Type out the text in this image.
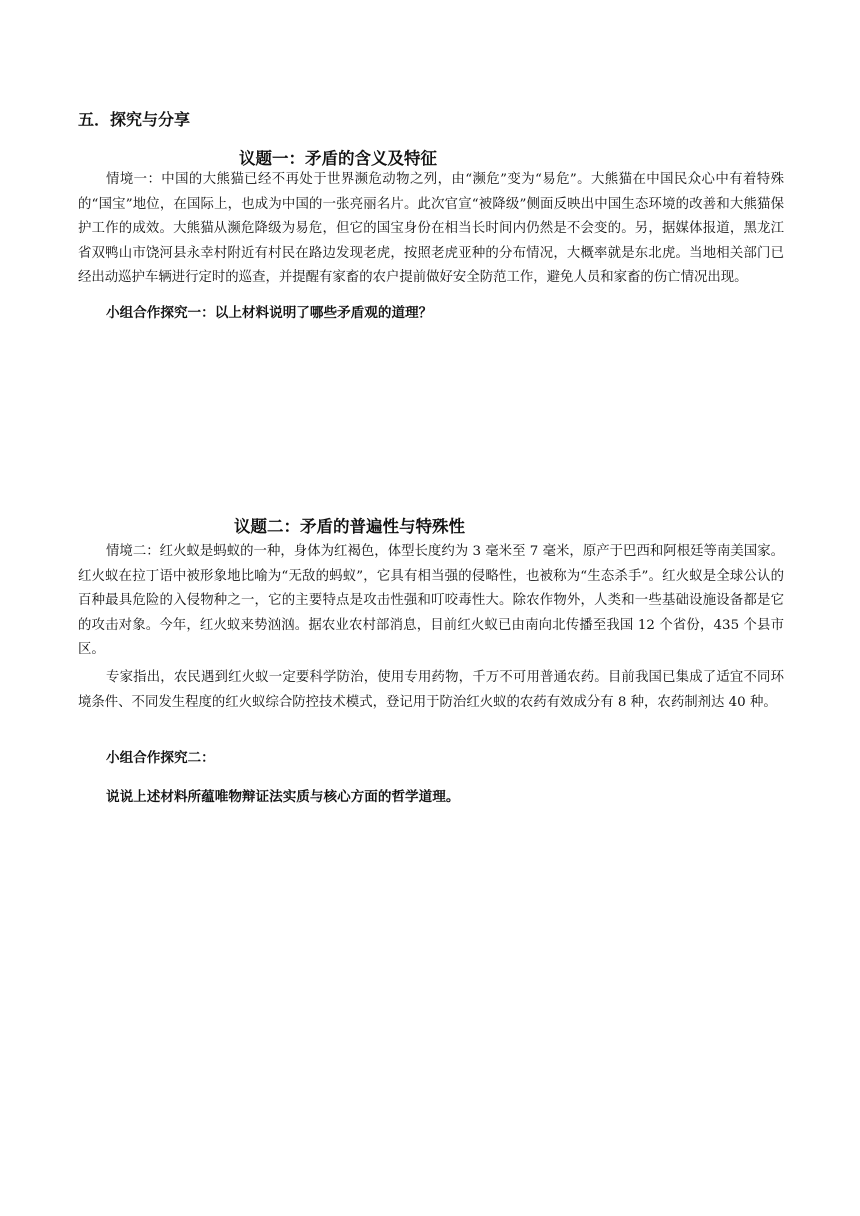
五．探究与分享
议题一：矛盾的含义及特征

情境一：中国的大熊猫已经不再处于世界濒危动物之列，由“濒危”变为“易危”。大熊猫在中国民众心中有着特殊的“国宝”地位，在国际上，也成为中国的一张亮丽名片。此次官宣“被降级”侧面反映出中国生态环境的改善和大熊猫保护工作的成效。大熊猫从濒危降级为易危，但它的国宝身份在相当长时间内仍然是不会变的。另，据媒体报道，黑龙江省双鸭山市饶河县永幸村附近有村民在路边发现老虎，按照老虎亚种的分布情况，大概率就是东北虎。当地相关部门已经出动巡护车辆进行定时的巡查，并提醒有家畜的农户提前做好安全防范工作，避免人员和家畜的伤亡情况出现。

小组合作探究一：以上材料说明了哪些矛盾观的道理？

议题二：矛盾的普遍性与特殊性

情境二：红火蚁是蚂蚁的一种，身体为红褐色，体型长度约为 3 毫米至 7 毫米，原产于巴西和阿根廷等南美国家。红火蚁在拉丁语中被形象地比喻为“无敌的蚂蚁”，它具有相当强的侵略性，也被称为“生态杀手”。红火蚁是全球公认的百种最具危险的入侵物种之一，它的主要特点是攻击性强和叮咬毒性大。除农作物外，人类和一些基础设施设备都是它的攻击对象。今年，红火蚁来势汹汹。据农业农村部消息，目前红火蚁已由南向北传播至我国 12 个省份，435 个县市区。

专家指出，农民遇到红火蚁一定要科学防治，使用专用药物，千万不可用普通农药。目前我国已集成了适宜不同环境条件、不同发生程度的红火蚁综合防控技术模式，登记用于防治红火蚁的农药有效成分有 8 种，农药制剂达 40 种。

小组合作探究二：

说说上述材料所蕴唯物辩证法实质与核心方面的哲学道理。
